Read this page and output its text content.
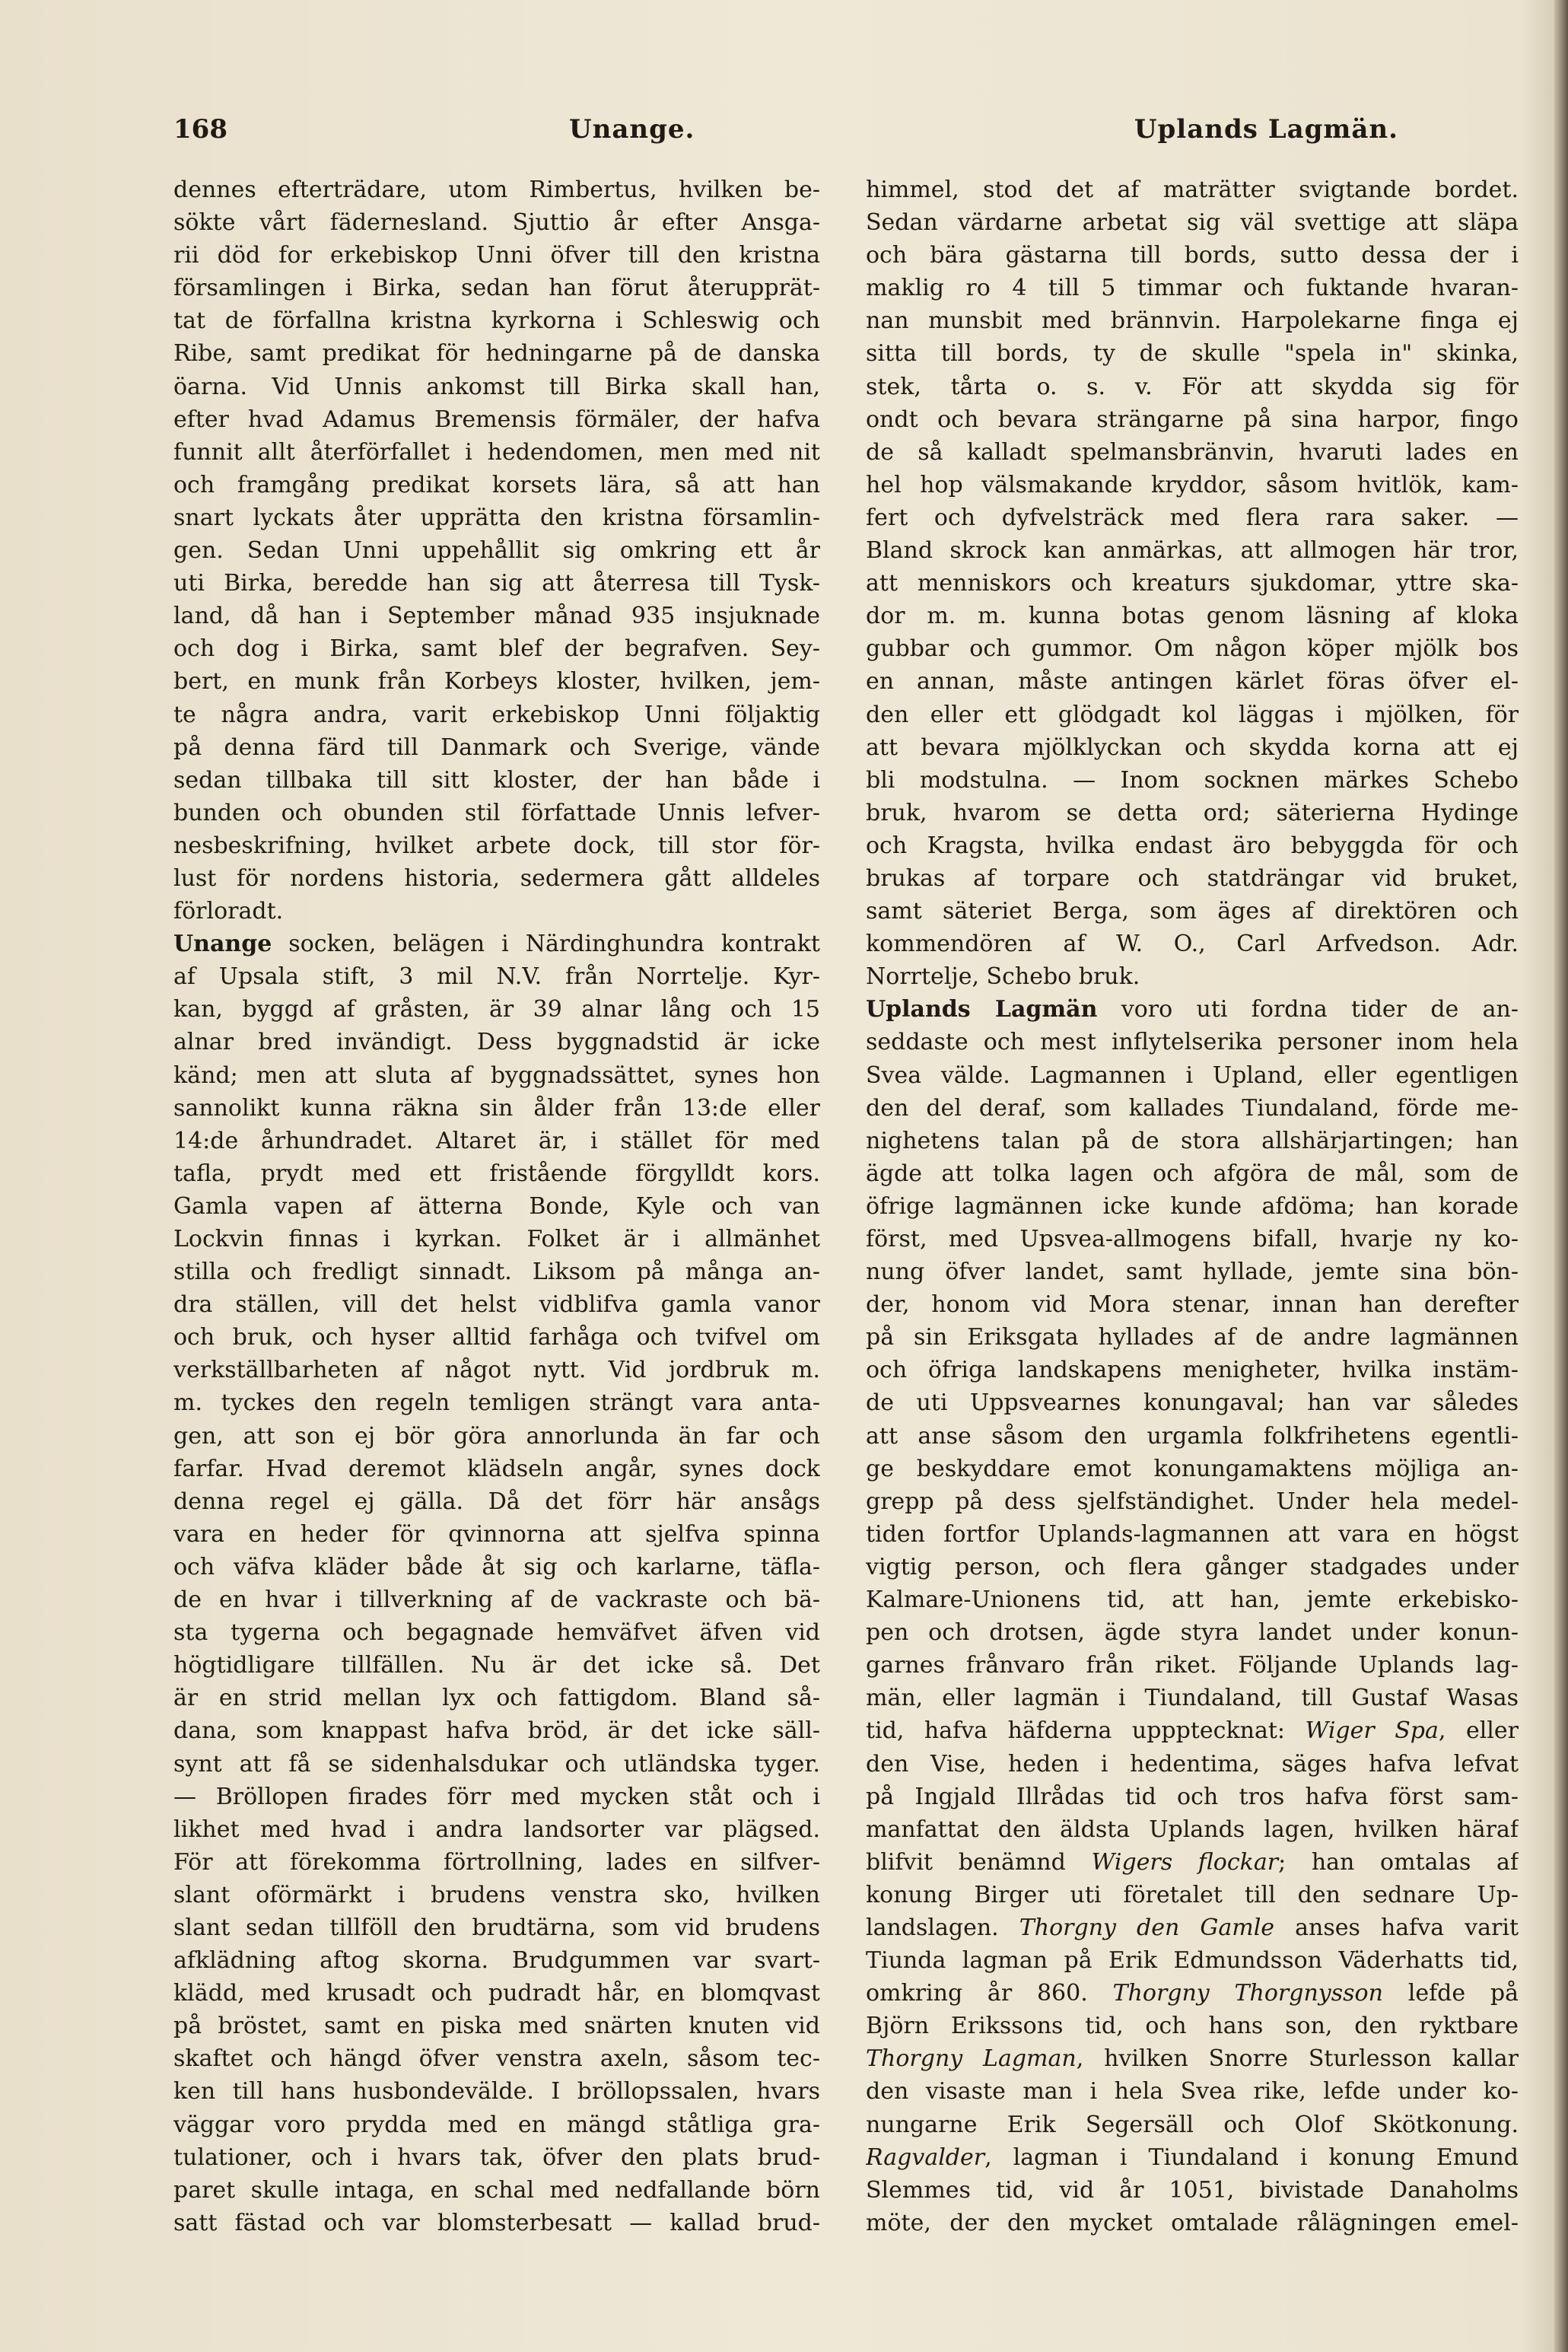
168	Unange.	Uplands Lagmän.
dennes efterträdare, utom Rimbertus, hvilken be-
sökte vårt fädernesland. Sjuttio år efter Ansga-
rii död for erkebiskop Unni öfver till den kristna
församlingen i Birka, sedan han förut återupprät-
tat de förfallna kristna kyrkorna i Schleswig och
Ribe, samt predikat för hedningarne på de danska
öarna. Vid Unnis ankomst till Birka skall han,
efter hvad Adamus Bremensis förmäler, der hafva
funnit allt återförfallet i hedendomen, men med nit
och framgång predikat korsets lära, så att han
snart lyckats åter upprätta den kristna församlin-
gen. Sedan Unni uppehållit sig omkring ett år
uti Birka, beredde han sig att återresa till Tysk-
land, då han i September månad 935 insjuknade
och dog i Birka, samt blef der begrafven. Sey-
bert, en munk från Korbeys kloster, hvilken, jem-
te några andra, varit erkebiskop Unni följaktig
på denna färd till Danmark och Sverige, vände
sedan tillbaka till sitt kloster, der han både i
bunden och obunden stil författade Unnis lefver-
nesbeskrifning, hvilket arbete dock, till stor för-
lust för nordens historia, sedermera gått alldeles
förloradt.
Unange socken, belägen i Närdinghundra kontrakt
af Upsala stift, 3 mil N.V. från Norrtelje. Kyr-
kan, byggd af gråsten, är 39 alnar lång och 15
alnar bred invändigt. Dess byggnadstid är icke
känd; men att sluta af byggnadssättet, synes hon
sannolikt kunna räkna sin ålder från 13:de eller
14:de århundradet. Altaret är, i stället för med
tafla, prydt med ett fristående förgylldt kors.
Gamla vapen af ätterna Bonde, Kyle och van
Lockvin finnas i kyrkan. Folket är i allmänhet
stilla och fredligt sinnadt. Liksom på många an-
dra ställen, vill det helst vidblifva gamla vanor
och bruk, och hyser alltid farhåga och tvifvel om
verkställbarheten af något nytt. Vid jordbruk m.
m. tyckes den regeln temligen strängt vara anta-
gen, att son ej bör göra annorlunda än far och
farfar. Hvad deremot klädseln angår, synes dock
denna regel ej gälla. Då det förr här ansågs
vara en heder för qvinnorna att sjelfva spinna
och väfva kläder både åt sig och karlarne, täfla-
de en hvar i tillverkning af de vackraste och bä-
sta tygerna och begagnade hemväfvet äfven vid
högtidligare tillfällen. Nu är det icke så. Det
är en strid mellan lyx och fattigdom. Bland så-
dana, som knappast hafva bröd, är det icke säll-
synt att få se sidenhalsdukar och utländska tyger.
— Bröllopen firades förr med mycken ståt och i
likhet med hvad i andra landsorter var plägsed.
För att förekomma förtrollning, lades en silfver-
slant oförmärkt i brudens venstra sko, hvilken
slant sedan tillföll den brudtärna, som vid brudens
afklädning aftog skorna. Brudgummen var svart-
klädd, med krusadt och pudradt hår, en blomqvast
på bröstet, samt en piska med snärten knuten vid
skaftet och hängd öfver venstra axeln, såsom tec-
ken till hans husbondevälde. I bröllopssalen, hvars
väggar voro prydda med en mängd ståtliga gra-
tulationer, och i hvars tak, öfver den plats brud-
paret skulle intaga, en schal med nedfallande börn
satt fästad och var blomsterbesatt — kallad brud-
himmel, stod det af maträtter svigtande bordet.
Sedan värdarne arbetat sig väl svettige att släpa
och bära gästarna till bords, sutto dessa der i
maklig ro 4 till 5 timmar och fuktande hvaran-
nan munsbit med brännvin. Harpolekarne finga ej
sitta till bords, ty de skulle "spela in" skinka,
stek, tårta o. s. v. För att skydda sig för
ondt och bevara strängarne på sina harpor, fingo
de så kalladt spelmansbränvin, hvaruti lades en
hel hop välsmakande kryddor, såsom hvitlök, kam-
fert och dyfvelsträck med flera rara saker. —
Bland skrock kan anmärkas, att allmogen här tror,
att menniskors och kreaturs sjukdomar, yttre ska-
dor m. m. kunna botas genom läsning af kloka
gubbar och gummor. Om någon köper mjölk bos
en annan, måste antingen kärlet föras öfver el-
den eller ett glödgadt kol läggas i mjölken, för
att bevara mjölklyckan och skydda korna att ej
bli modstulna. — Inom socknen märkes Schebo
bruk, hvarom se detta ord; säterierna Hydinge
och Kragsta, hvilka endast äro bebyggda för och
brukas af torpare och statdrängar vid bruket,
samt säteriet Berga, som äges af direktören och
kommendören af W. O., Carl Arfvedson. Adr.
Norrtelje, Schebo bruk.
Uplands Lagmän voro uti fordna tider de an-
seddaste och mest inflytelserika personer inom hela
Svea välde. Lagmannen i Upland, eller egentligen
den del deraf, som kallades Tiundaland, förde me-
nighetens talan på de stora allshärjartingen; han
ägde att tolka lagen och afgöra de mål, som de
öfrige lagmännen icke kunde afdöma; han korade
först, med Upsvea-allmogens bifall, hvarje ny ko-
nung öfver landet, samt hyllade, jemte sina bön-
der, honom vid Mora stenar, innan han derefter
på sin Eriksgata hyllades af de andre lagmännen
och öfriga landskapens menigheter, hvilka instäm-
de uti Uppsvearnes konungaval; han var således
att anse såsom den urgamla folkfrihetens egentli-
ge beskyddare emot konungamaktens möjliga an-
grepp på dess sjelfständighet. Under hela medel-
tiden fortfor Uplands-lagmannen att vara en högst
vigtig person, och flera gånger stadgades under
Kalmare-Unionens tid, att han, jemte erkebisko-
pen och drotsen, ägde styra landet under konun-
garnes frånvaro från riket. Följande Uplands lag-
män, eller lagmän i Tiundaland, till Gustaf Wasas
tid, hafva häfderna uppptecknat: Wiger Spa, eller
den Vise, heden i hedentima, säges hafva lefvat
på Ingjald Illrådas tid och tros hafva först sam-
manfattat den äldsta Uplands lagen, hvilken häraf
blifvit benämnd Wigers flockar; han omtalas af
konung Birger uti företalet till den sednare Up-
landslagen. Thorgny den Gamle anses hafva varit
Tiunda lagman på Erik Edmundsson Väderhatts tid,
omkring år 860. Thorgny Thorgnysson lefde på
Björn Erikssons tid, och hans son, den ryktbare
Thorgny Lagman, hvilken Snorre Sturlesson kallar
den visaste man i hela Svea rike, lefde under ko-
nungarne Erik Segersäll och Olof Skötkonung.
Ragvalder, lagman i Tiundaland i konung Emund
Slemmes tid, vid år 1051, bivistade Danaholms
möte, der den mycket omtalade rålägningen emel-
